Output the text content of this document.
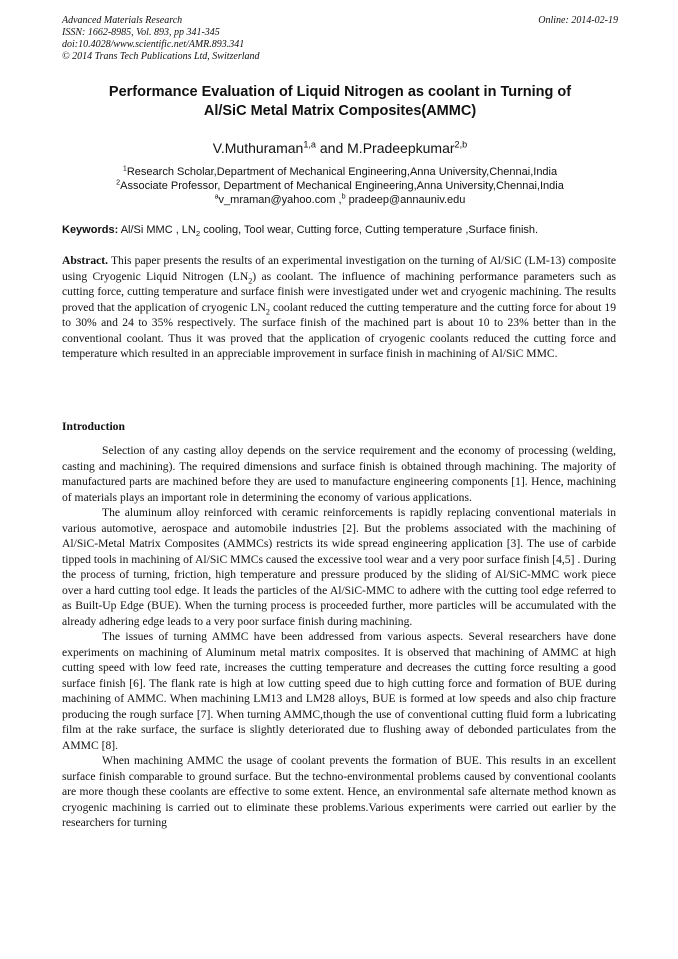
Advanced Materials Research
ISSN: 1662-8985, Vol. 893, pp 341-345
doi:10.4028/www.scientific.net/AMR.893.341
© 2014 Trans Tech Publications Ltd, Switzerland
Online: 2014-02-19
Performance Evaluation of Liquid Nitrogen as coolant in Turning of
Al/SiC Metal Matrix Composites(AMMC)
V.Muthuraman$^{1,a}$ and M.Pradeepkumar$^{2,b}$
$^1$Research Scholar,Department of Mechanical Engineering,Anna University,Chennai,India
$^2$Associate Professor, Department of Mechanical Engineering,Anna University,Chennai,India
$^a$v_mraman@yahoo.com ,$^b$ pradeep@annauniv.edu
Keywords: Al/Si MMC , $LN_2$ cooling, Tool wear, Cutting force, Cutting temperature ,Surface finish.
Abstract. This paper presents the results of an experimental investigation on the turning of Al/SiC (LM-13) composite using Cryogenic Liquid Nitrogen $(LN_2)$ as coolant. The influence of machining performance parameters such as cutting force, cutting temperature and surface finish were investigated under wet and cryogenic machining. The results proved that the application of cryogenic $LN_2$ coolant reduced the cutting temperature and the cutting force for about 19 to 30% and 24 to 35% respectively. The surface finish of the machined part is about 10 to 23% better than in the conventional coolant. Thus it was proved that the application of cryogenic coolants reduced the cutting force and temperature which resulted in an appreciable improvement in surface finish in machining of Al/SiC MMC.
Introduction

Selection of any casting alloy depends on the service requirement and the economy of processing (welding, casting and machining). The required dimensions and surface finish is obtained through machining. The majority of manufactured parts are machined before they are used to manufacture engineering components [1]. Hence, machining of materials plays an important role in determining the economy of various applications.

The aluminum alloy reinforced with ceramic reinforcements is rapidly replacing conventional materials in various automotive, aerospace and automobile industries [2]. But the problems associated with the machining of Al/SiC-Metal Matrix Composites (AMMCs) restricts its wide spread engineering application [3]. The use of carbide tipped tools in machining of Al/SiC MMCs caused the excessive tool wear and a very poor surface finish [4,5] . During the process of turning, friction, high temperature and pressure produced by the sliding of Al/SiC-MMC work piece over a hard cutting tool edge. It leads the particles of the Al/SiC-MMC to adhere with the cutting tool edge referred to as Built-Up Edge (BUE). When the turning process is proceeded further, more particles will be accumulated with the already adhering edge leads to a very poor surface finish during machining.

The issues of turning AMMC have been addressed from various aspects. Several researchers have done experiments on machining of Aluminum metal matrix composites. It is observed that machining of AMMC at high cutting speed with low feed rate, increases the cutting temperature and decreases the cutting force resulting a good surface finish [6]. The flank rate is high at low cutting speed due to high cutting force and formation of BUE during machining of AMMC. When machining LM13 and LM28 alloys, BUE is formed at low speeds and also chip fracture producing the rough surface [7]. When turning AMMC,though the use of conventional cutting fluid form a lubricating film at the rake surface, the surface is slightly deteriorated due to flushing away of debonded particulates from the AMMC [8].

When machining AMMC the usage of coolant prevents the formation of BUE. This results in an excellent surface finish comparable to ground surface. But the techno-environmental problems caused by conventional coolants are more though these coolants are effective to some extent. Hence, an environmental safe alternate method known as cryogenic machining is carried out to eliminate these problems.Various experiments were carried out earlier by the researchers for turning
